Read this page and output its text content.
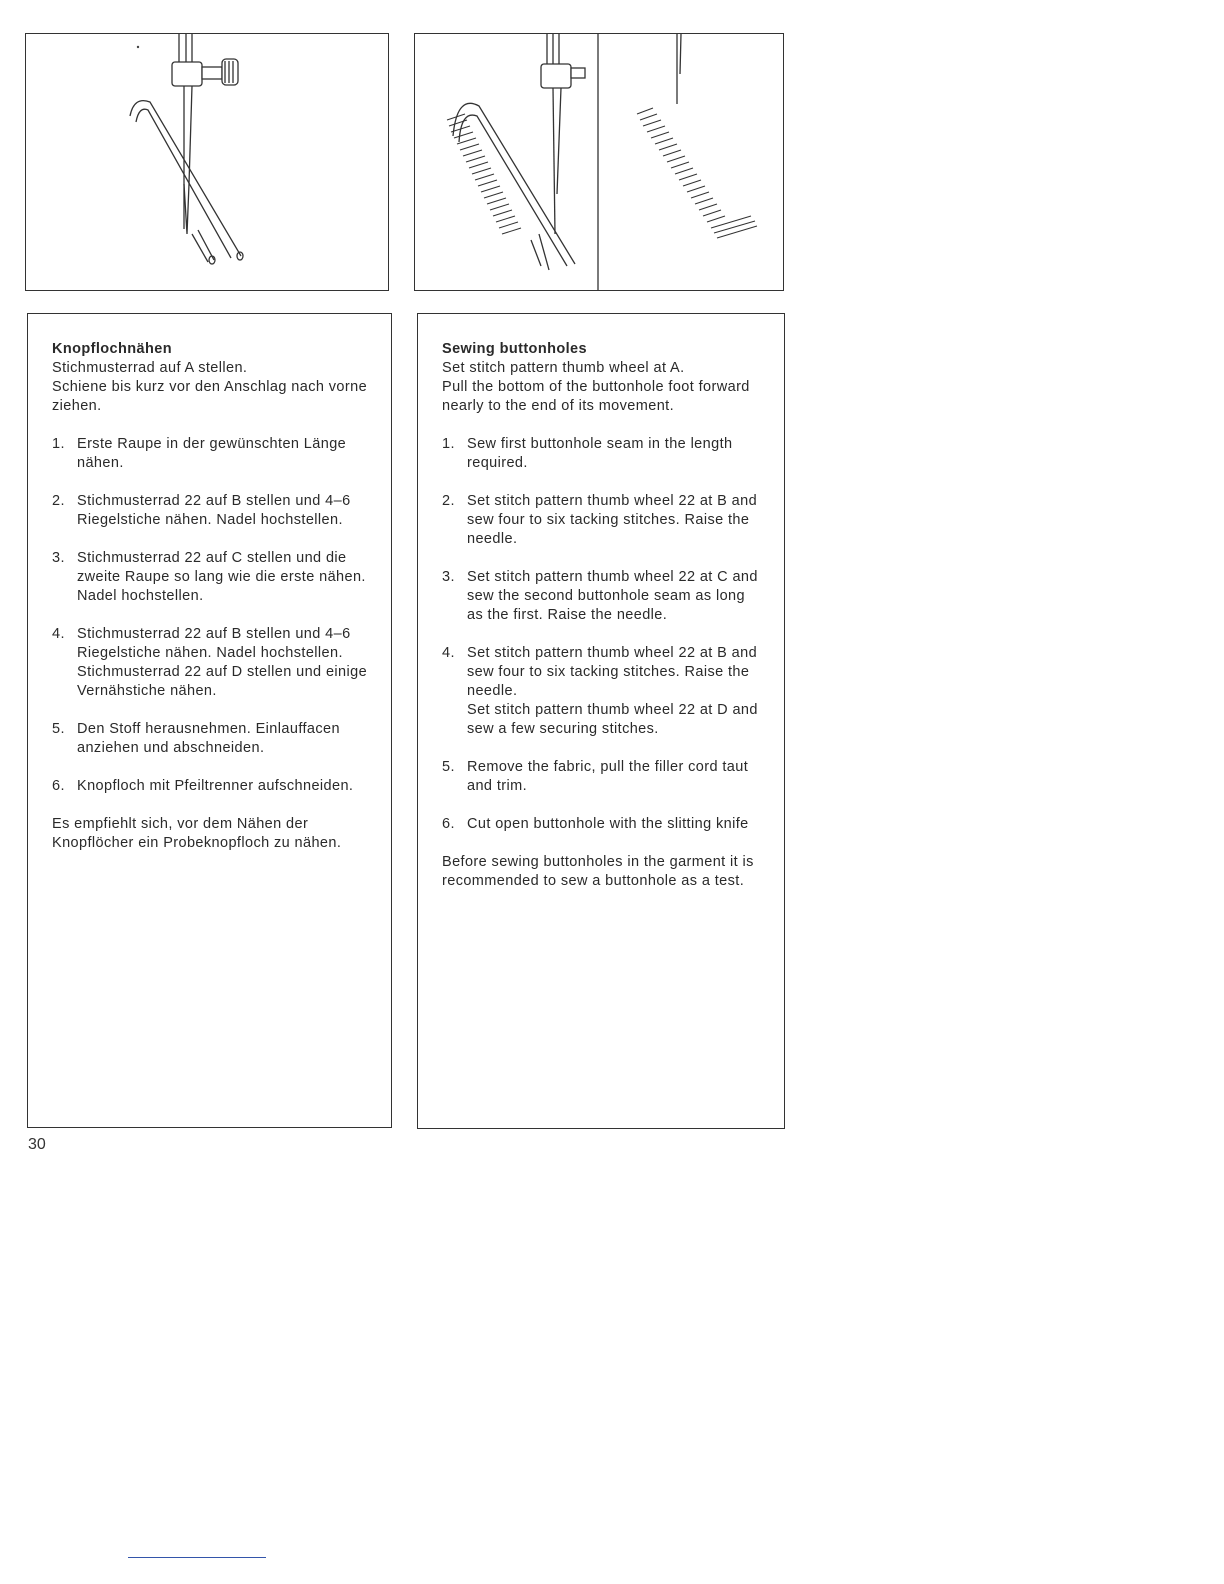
Knopflochnähen

Stichmusterrad auf A stellen.

Schiene bis kurz vor den Anschlag nach vorne ziehen.

1. Erste Raupe in der gewünschten Länge nähen.
2. Stichmusterrad 22 auf B stellen und 4–6 Riegelstiche nähen. Nadel hochstellen.
3. Stichmusterrad 22 auf C stellen und die zweite Raupe so lang wie die erste nähen. Nadel hochstellen.
4. Stichmusterrad 22 auf B stellen und 4–6 Riegelstiche nähen. Nadel hochstellen.
Stichmusterrad 22 auf D stellen und einige Vernähstiche nähen.
5. Den Stoff herausnehmen. Einlauffacen anziehen und abschneiden.
6. Knopfloch mit Pfeiltrenner aufschneiden.

Es empfiehlt sich, vor dem Nähen der Knopflöcher ein Probeknopfloch zu nähen.

Sewing buttonholes

Set stitch pattern thumb wheel at A.

Pull the bottom of the buttonhole foot forward nearly to the end of its movement.

1. Sew first buttonhole seam in the length required.
2. Set stitch pattern thumb wheel 22 at B and sew four to six tacking stitches. Raise the needle.
3. Set stitch pattern thumb wheel 22 at C and sew the second buttonhole seam as long as the first. Raise the needle.
4. Set stitch pattern thumb wheel 22 at B and sew four to six tacking stitches. Raise the needle.
Set stitch pattern thumb wheel 22 at D and sew a few securing stitches.
5. Remove the fabric, pull the filler cord taut and trim.
6. Cut open buttonhole with the slitting knife

Before sewing buttonholes in the garment it is recommended to sew a buttonhole as a test.

30
